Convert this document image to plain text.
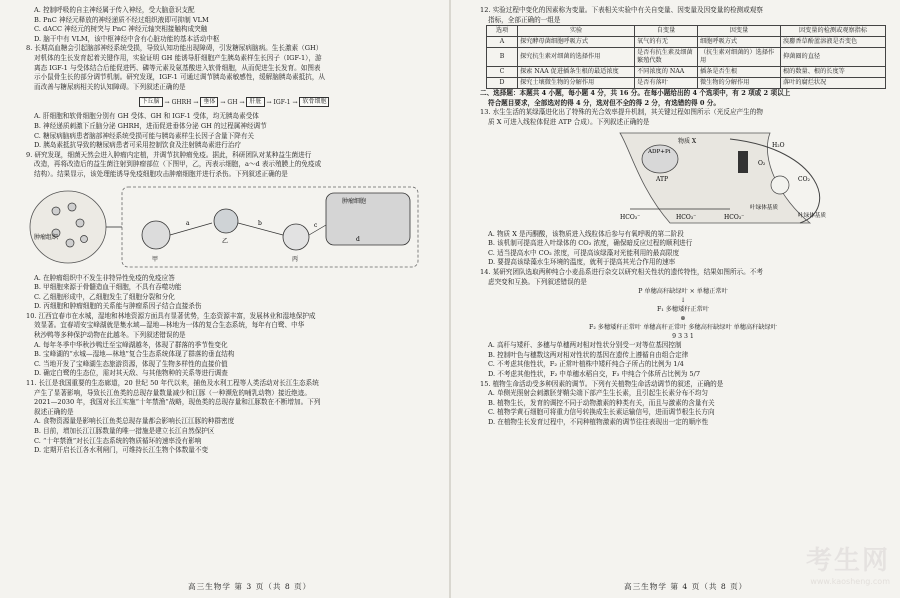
A. 控制呼吸的自主神经属于传入神经，受大脑意识支配
B. PnC 神经元释放的神经递质不经过组织液即可抑制 VLM
C. dACC 神经元的树突与 PnC 神经元轴突相接触构成突触
D. 脑干中有 VLM，该中枢神经中含有心脏功能的基本活动中枢
8. 长期高血糖会引起脑部神经系统受损，导致认知功能出现障碍，引发糖尿病脑病。生长激素（GH）
对机体的生长发育起着关键作用，实验证明 GH 能诱导肝细胞产生胰岛素样生长因子（IGF-1），游
离态 IGF-1 与受体结合后能促进钙、磷等元素及氨基酸进入软骨细胞，从而促进生长发育。如图表
示小鼠骨生长的部分调节机制。研究发现，IGF-1 可通过调节胰岛素敏感性，缓解脑胰岛素抵抗，从
而改善与糖尿病相关的认知障碍。下列叙述正确的是
下丘脑 → GHRH → 垂体 → GH → 肝脏 → IGF-1 → 软骨细胞
A. 肝细胞和软骨细胞分别有 GH 受体、GH 和 IGF-1 受体，均无胰岛素受体
B. 神经递质刺激下丘脑分泌 GHRH，进而促进垂体分泌 GH 的过程属神经调节
C. 糖尿病脑病患者脑部神经系统受损可能与胰岛素样生长因子含量下降有关
D. 胰岛素抵抗导致的糖尿病患者可采用控制饮食及注射胰岛素进行治疗
9. 研究发现，细菌天然会进入肿瘤内定植，并调节抗肿瘤免疫。据此，科研团队对某种益生菌进行
改造，再将改造后的益生菌注射到肿瘤部位（下图甲，乙，丙表示细胞，a～d 表示殖膜上的免疫或
结构）。结果显示，该处理能诱导免疫细胞攻击肿瘤细胞并进行杀伤。下列叙述正确的是
肿瘤组织
肿瘤细胞
a	b	c
d
甲
乙
丙
A. 在肿瘤组织中不发生非特异性免疫的免疫应答
B. 甲细胞来源于骨髓造血干细胞，不具有吞噬功能
C. 乙细胞形成中，乙细胞发生了细胞分裂和分化
D. 丙细胞和肿瘤细胞的关系能与肿瘤系因子结合直接杀伤
10. 江西宜春市在水城，湿地和林地资源方面具有显著优势，生态资源丰富，发展林业和湿地保护成
效显著。宜春靖安宝峰湖就是集水域—湿地—林地为一体的复合生态系统，每年有白鹭、中华
秋沙鸭等多种保护动物在此越冬。下列叙述错误的是
A. 每年冬季中华秋沙鸭迁至宝峰湖越冬，体现了群落的季节性变化
B. 宝峰湖的“水城—湿地—林地”复合生态系统体现了群落的垂直结构
C. 当地开发了宝峰湖生态旅游资源，体现了生物多样性的直接价值
D. 确定白鹭的生态位，需对其天敌、与其他物种的关系等进行调查
11. 长江是我国重要的生态廊道，20 世纪 50 年代以来，捕鱼及水利工程等人类活动对长江生态系统
产生了显著影响，导致长江鱼类的总现存量数量减少和江豚（一种濒危的哺乳动物）接近绝迹。
2021—2030 年，我国对长江实施“十年禁渔”战略，现鱼类的总现存量和江豚数在不断增加。下列
叙述正确的是
A. 食物资源量是影响长江鱼类总现存量都会影响长江江豚的种群密度
B. 目前，增加长江江豚数量的唯一措施是建立长江自然保护区
C. “十年禁渔”对长江生态系统的物质循环的速率没有影响
D. 定期开启长江各水利闸门，可维持长江生物个体数量不变
高三生物学 第 3 页（共 8 页）
12. 实验过程中变化的因素称为变量。下表相关实验中有关自变量、因变量及因变量的检测或观察
指标，全部正确的一组是
选项	实验	自变量	因变量	因变量的检测或观察指标
A	探究酵母菌细胞呼吸方式	氧气的有无	细胞呼吸方式	溴麝香草酚蓝溶液是否变色
B	探究抗生素对细菌的选择作用	是否有抗生素及细菌繁殖代数	（抗生素对细菌的）选择作用	抑菌圈的直径
C	探索 NAA 促进插条生根的最适浓度	不同浓度的 NAA	插条是否生根	根的数量、根的长度等
D	探究土壤微生物的分解作用	是否有落叶	微生物的分解作用	落叶的腐烂状况
二、选择题：本题共 4 小题，每小题 4 分，共 16 分。在每小题给出的 4 个选项中，有 2 项或 2 项以上
符合题目要求，全部选对的得 4 分，选对但不全的得 2 分，有选错的得 0 分。
13. 水生生活的某绿藻进化出了特殊的光合效率提升机制，其关键过程如图所示（光反应产生的物
质 X 可进入线粒体促进 ATP 合成）。下列叙述正确的是
物质 X
ATP
ADP+Pi
H₂O
O₂
CO₂
HCO₃⁻	HCO₃⁻	HCO₃⁻
叶绿体基质
叶绿体基质
A. 物质 X 是丙酮酸，该物质进入线粒体后参与有氧呼吸的第二阶段
B. 该机制可提高进入叶绿体的 CO₂ 浓度，确保暗反应过程的顺利进行
C. 适当提高水中 CO₂ 浓度，可提高该绿藻对光能利用的最高限度
D. 要提高该绿藻水生环境的温度，就利于提高其光合作用的速率
14. 某研究团队选取两种纯合小麦品系进行杂交以研究相关性状的遗传特性，结果如图所示。不考
虑突变和互换。下列叙述错误的是
P 单穗高秆缺绿叶 × 单穗正常叶
↓
F₁ 多穗矮秆正常叶
⊗
F₂ 多穗矮秆正常叶 单穗高秆正常叶 多穗高秆缺绿叶 单穗高秆缺绿叶
9 3 3 1
A. 高秆与矮秆、多穗与单穗两对相对性状分别受一对等位基因控制
B. 控制叶色与穗数这两对相对性状的基因在遗传上遵循自由组合定律
C. 不考虑其他性状，F₂ 正常叶植株中矮秆纯合子所占的比例为 1/4
D. 不考虑其他性状，F₂ 中单穗水稻自交，F₃ 中纯合个体所占比例为 5/7
15. 植物生命活动受多种因素的调节。下列有关植物生命活动调节的叙述，正确的是
A. 单侧光照射会刺激胚芽鞘尖端下部产生生长素，且引起生长素分布不均匀
B. 植物生长，发育的调控不同于动物激素的种类有关，而且与激素的含量有关
C. 植物学黄石细胞可将重力信号转换成生长素运输信号，进而调节根生长方向
D. 在植物生长发育过程中，不同种植物激素的调节往往表现出一定的顺序性
高三生物学 第 4 页（共 8 页）
考生网
www.kaosheng.com
